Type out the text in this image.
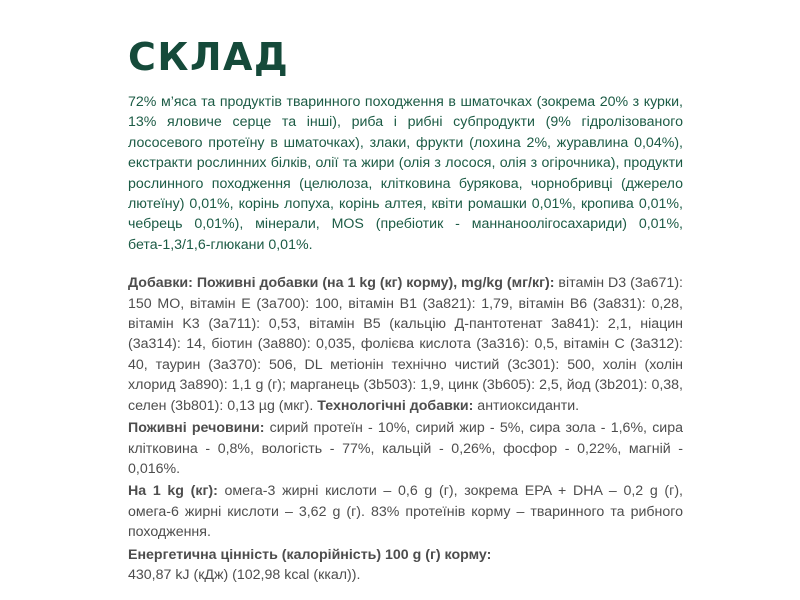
СКЛАД

72% м’яса та продуктів тваринного походження в шматочках (зокрема 20% з курки, 13% яловиче серце та інші), риба і рибні субпродукти (9% гідролізованого лососевого протеїну в шматочках), злаки, фрукти (лохина 2%, журавлина 0,04%), екстракти рослинних білків, олії та жири (олія з лосося, олія з огірочника), продукти рослинного походження (целюлоза, клітковина бурякова, чорнобривці (джерело лютеїну) 0,01%, корінь лопуха, корінь алтея, квіти ромашки 0,01%, кропива 0,01%, чебрець 0,01%), мінерали, MOS (пребіотик - маннаноолігосахариди) 0,01%, бета-1,3/1,6-глюкани 0,01%.

Добавки: Поживні добавки (на 1 kg (кг) корму), mg/kg (мг/кг): вітамін D3 (3a671): 150 МО, вітамін Е (3a700): 100, вітамін B1 (3a821): 1,79, вітамін B6 (3a831): 0,28, вітамін K3 (3a711): 0,53, вітамін B5 (кальцію Д-пантотенат 3a841): 2,1, ніацин (3a314): 14, біотин (3a880): 0,035, фолієва кислота (3a316): 0,5, вітамін С (3a312): 40, таурин (3a370): 506, DL метіонін технічно чистий (3c301): 500, холін (холін хлорид 3a890): 1,1 g (г); марганець (3b503): 1,9, цинк (3b605): 2,5, йод (3b201): 0,38, селен (3b801): 0,13 µg (мкг). Технологічні добавки: антиоксиданти.

Поживні речовини: сирий протеїн - 10%, сирий жир - 5%, сира зола - 1,6%, сира клітковина - 0,8%, вологість - 77%, кальцій - 0,26%, фосфор - 0,22%, магній - 0,016%.

На 1 kg (кг): омега-3 жирні кислоти – 0,6 g (г), зокрема EPA + DHA – 0,2 g (г), омега-6 жирні кислоти – 3,62 g (г). 83% протеїнів корму – тваринного та рибного походження.

Енергетична цінність (калорійність) 100 g (г) корму:
430,87 kJ (кДж) (102,98 kcal (ккал)).
